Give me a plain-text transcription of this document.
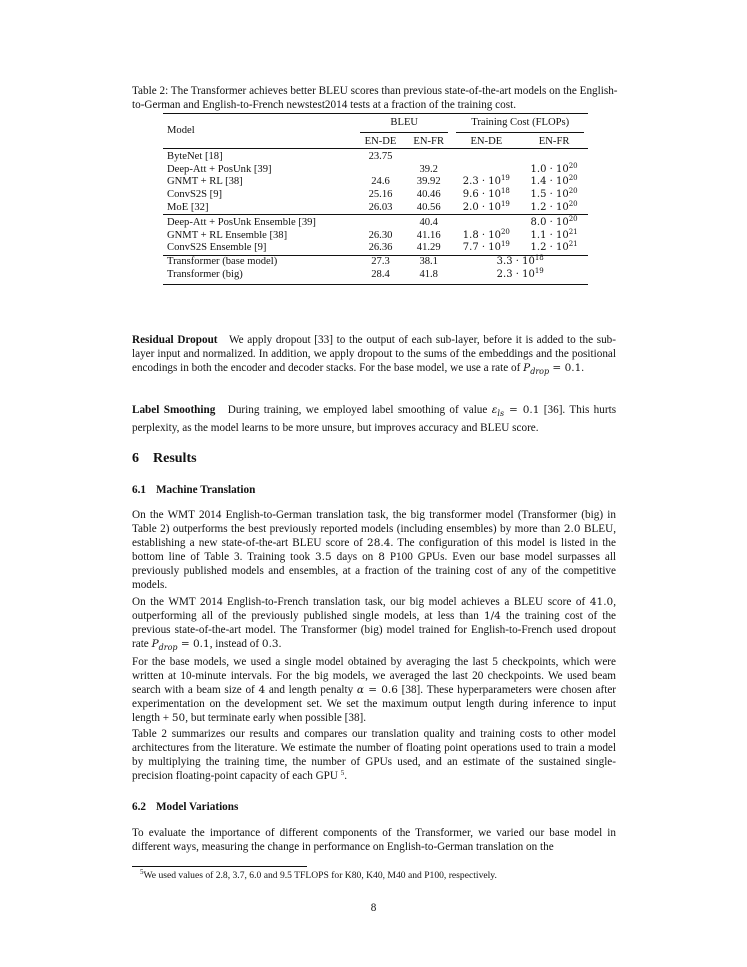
Table 2: The Transformer achieves better BLEU scores than previous state-of-the-art models on the English-to-German and English-to-French newstest2014 tests at a fraction of the training cost.
Model	BLEU		Training Cost (FLOPs)	

	EN-DE	EN-FR	EN-DE	EN-FR
ByteNet [18]	23.75			
Deep-Att + PosUnk [39]		39.2		$1.0 \cdot 10^{20}$
GNMT + RL [38]	24.6	39.92	$2.3 \cdot 10^{19}$	$1.4 \cdot 10^{20}$
ConvS2S [9]	25.16	40.46	$9.6 \cdot 10^{18}$	$1.5 \cdot 10^{20}$
MoE [32]	26.03	40.56	$2.0 \cdot 10^{19}$	$1.2 \cdot 10^{20}$
Deep-Att + PosUnk Ensemble [39]		40.4		$8.0 \cdot 10^{20}$
GNMT + RL Ensemble [38]	26.30	41.16	$1.8 \cdot 10^{20}$	$1.1 \cdot 10^{21}$
ConvS2S Ensemble [9]	26.36	41.29	$7.7 \cdot 10^{19}$	$1.2 \cdot 10^{21}$
Transformer (base model)	27.3	38.1	$3.3 \cdot 10^{18}$
Transformer (big)	28.4	41.8	$2.3 \cdot 10^{19}$
Residual Dropout We apply dropout [33] to the output of each sub-layer, before it is added to the sub-layer input and normalized. In addition, we apply dropout to the sums of the embeddings and the positional encodings in both the encoder and decoder stacks. For the base model, we use a rate of $P_{drop} = 0.1$.
Label Smoothing During training, we employed label smoothing of value $\varepsilon_{ls} = 0.1$ [36]. This hurts perplexity, as the model learns to be more unsure, but improves accuracy and BLEU score.
6 Results
6.1 Machine Translation
On the WMT 2014 English-to-German translation task, the big transformer model (Transformer (big) in Table 2) outperforms the best previously reported models (including ensembles) by more than 2.0 BLEU, establishing a new state-of-the-art BLEU score of 28.4. The configuration of this model is listed in the bottom line of Table 3. Training took 3.5 days on 8 P100 GPUs. Even our base model surpasses all previously published models and ensembles, at a fraction of the training cost of any of the competitive models.
On the WMT 2014 English-to-French translation task, our big model achieves a BLEU score of 41.0, outperforming all of the previously published single models, at less than 1/4 the training cost of the previous state-of-the-art model. The Transformer (big) model trained for English-to-French used dropout rate $P_{drop} = 0.1$, instead of 0.3.
For the base models, we used a single model obtained by averaging the last 5 checkpoints, which were written at 10-minute intervals. For the big models, we averaged the last 20 checkpoints. We used beam search with a beam size of 4 and length penalty α = 0.6 [38]. These hyperparameters were chosen after experimentation on the development set. We set the maximum output length during inference to input length + 50, but terminate early when possible [38].
Table 2 summarizes our results and compares our translation quality and training costs to other model architectures from the literature. We estimate the number of floating point operations used to train a model by multiplying the training time, the number of GPUs used, and an estimate of the sustained single-precision floating-point capacity of each GPU $^5$.
6.2 Model Variations
To evaluate the importance of different components of the Transformer, we varied our base model in different ways, measuring the change in performance on English-to-German translation on the
$^5$We used values of 2.8, 3.7, 6.0 and 9.5 TFLOPS for K80, K40, M40 and P100, respectively.
8
